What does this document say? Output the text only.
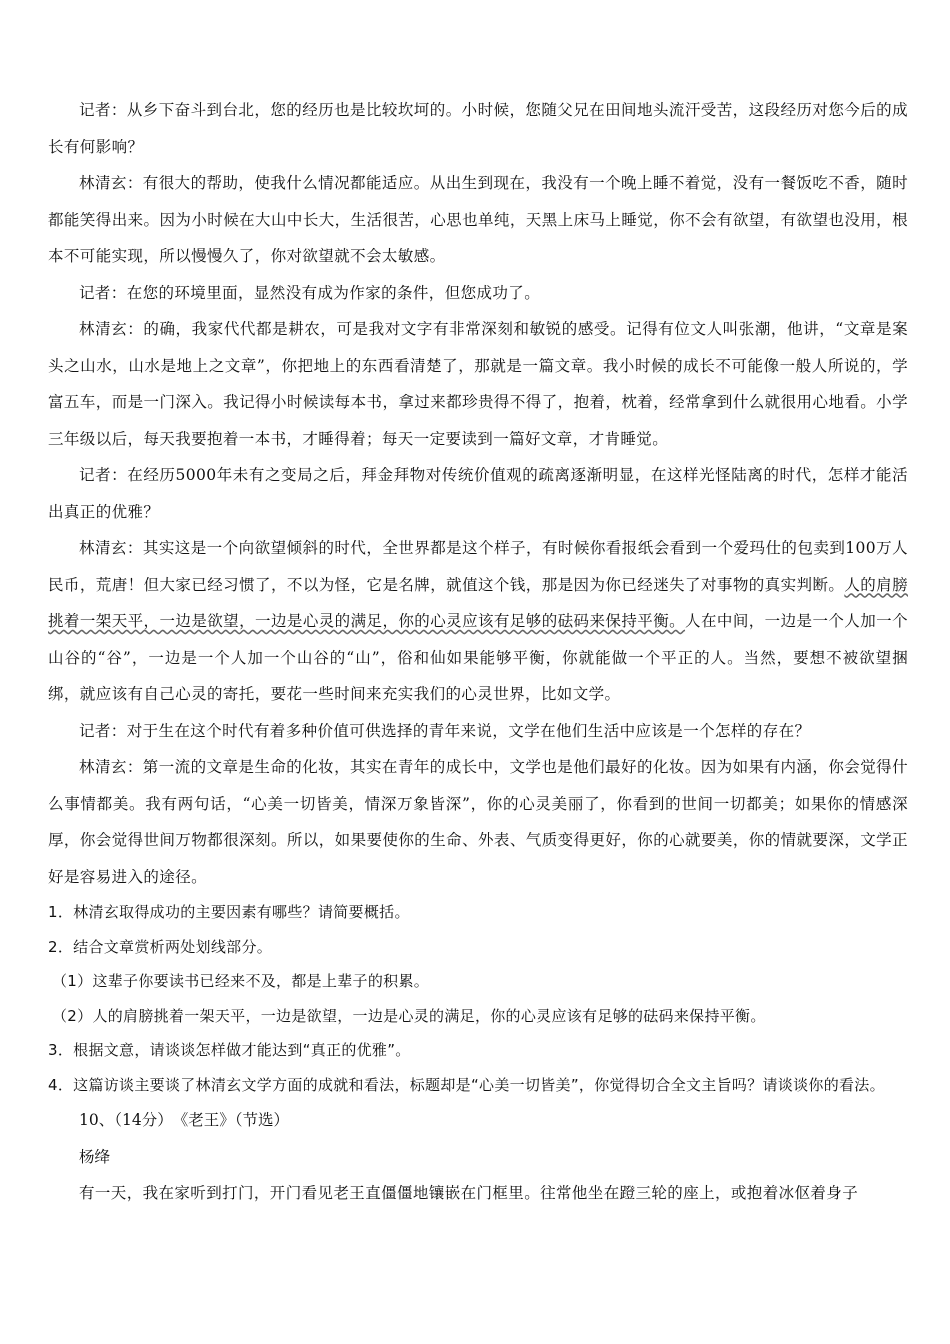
记者：从乡下奋斗到台北，您的经历也是比较坎坷的。小时候，您随父兄在田间地头流汗受苦，这段经历对您今后的成长有何影响？

林清玄：有很大的帮助，使我什么情况都能适应。从出生到现在，我没有一个晚上睡不着觉，没有一餐饭吃不香，随时都能笑得出来。因为小时候在大山中长大，生活很苦，心思也单纯，天黑上床马上睡觉，你不会有欲望，有欲望也没用，根本不可能实现，所以慢慢久了，你对欲望就不会太敏感。

记者：在您的环境里面，显然没有成为作家的条件，但您成功了。

林清玄：的确，我家代代都是耕农，可是我对文字有非常深刻和敏锐的感受。记得有位文人叫张潮，他讲，“文章是案头之山水，山水是地上之文章”，你把地上的东西看清楚了，那就是一篇文章。我小时候的成长不可能像一般人所说的，学富五车，而是一门深入。我记得小时候读每本书，拿过来都珍贵得不得了，抱着，枕着，经常拿到什么就很用心地看。小学三年级以后，每天我要抱着一本书，才睡得着；每天一定要读到一篇好文章，才肯睡觉。

记者：在经历5000年未有之变局之后，拜金拜物对传统价值观的疏离逐渐明显，在这样光怪陆离的时代，怎样才能活出真正的优雅？

林清玄：其实这是一个向欲望倾斜的时代，全世界都是这个样子，有时候你看报纸会看到一个爱玛仕的包卖到100万人民币，荒唐！但大家已经习惯了，不以为怪，它是名牌，就值这个钱，那是因为你已经迷失了对事物的真实判断。人的肩膀挑着一架天平，一边是欲望，一边是心灵的满足，你的心灵应该有足够的砝码来保持平衡。人在中间，一边是一个人加一个山谷的“谷”，一边是一个人加一个山谷的“山”，俗和仙如果能够平衡，你就能做一个平正的人。当然，要想不被欲望捆绑，就应该有自己心灵的寄托，要花一些时间来充实我们的心灵世界，比如文学。

记者：对于生在这个时代有着多种价值可供选择的青年来说，文学在他们生活中应该是一个怎样的存在？

林清玄：第一流的文章是生命的化妆，其实在青年的成长中，文学也是他们最好的化妆。因为如果有内涵，你会觉得什么事情都美。我有两句话，“心美一切皆美，情深万象皆深”，你的心灵美丽了，你看到的世间一切都美；如果你的情感深厚，你会觉得世间万物都很深刻。所以，如果要使你的生命、外表、气质变得更好，你的心就要美，你的情就要深，文学正好是容易进入的途径。

1．林清玄取得成功的主要因素有哪些？请简要概括。

2．结合文章赏析两处划线部分。

（1）这辈子你要读书已经来不及，都是上辈子的积累。

（2）人的肩膀挑着一架天平，一边是欲望，一边是心灵的满足，你的心灵应该有足够的砝码来保持平衡。

3．根据文意，请谈谈怎样做才能达到“真正的优雅”。

4．这篇访谈主要谈了林清玄文学方面的成就和看法，标题却是“心美一切皆美”，你觉得切合全文主旨吗？请谈谈你的看法。

10、（14分）　《老王》（节选）

杨绛

有一天，我在家听到打门，开门看见老王直僵僵地镶嵌在门框里。往常他坐在蹬三轮的座上，或抱着冰伛着身子
